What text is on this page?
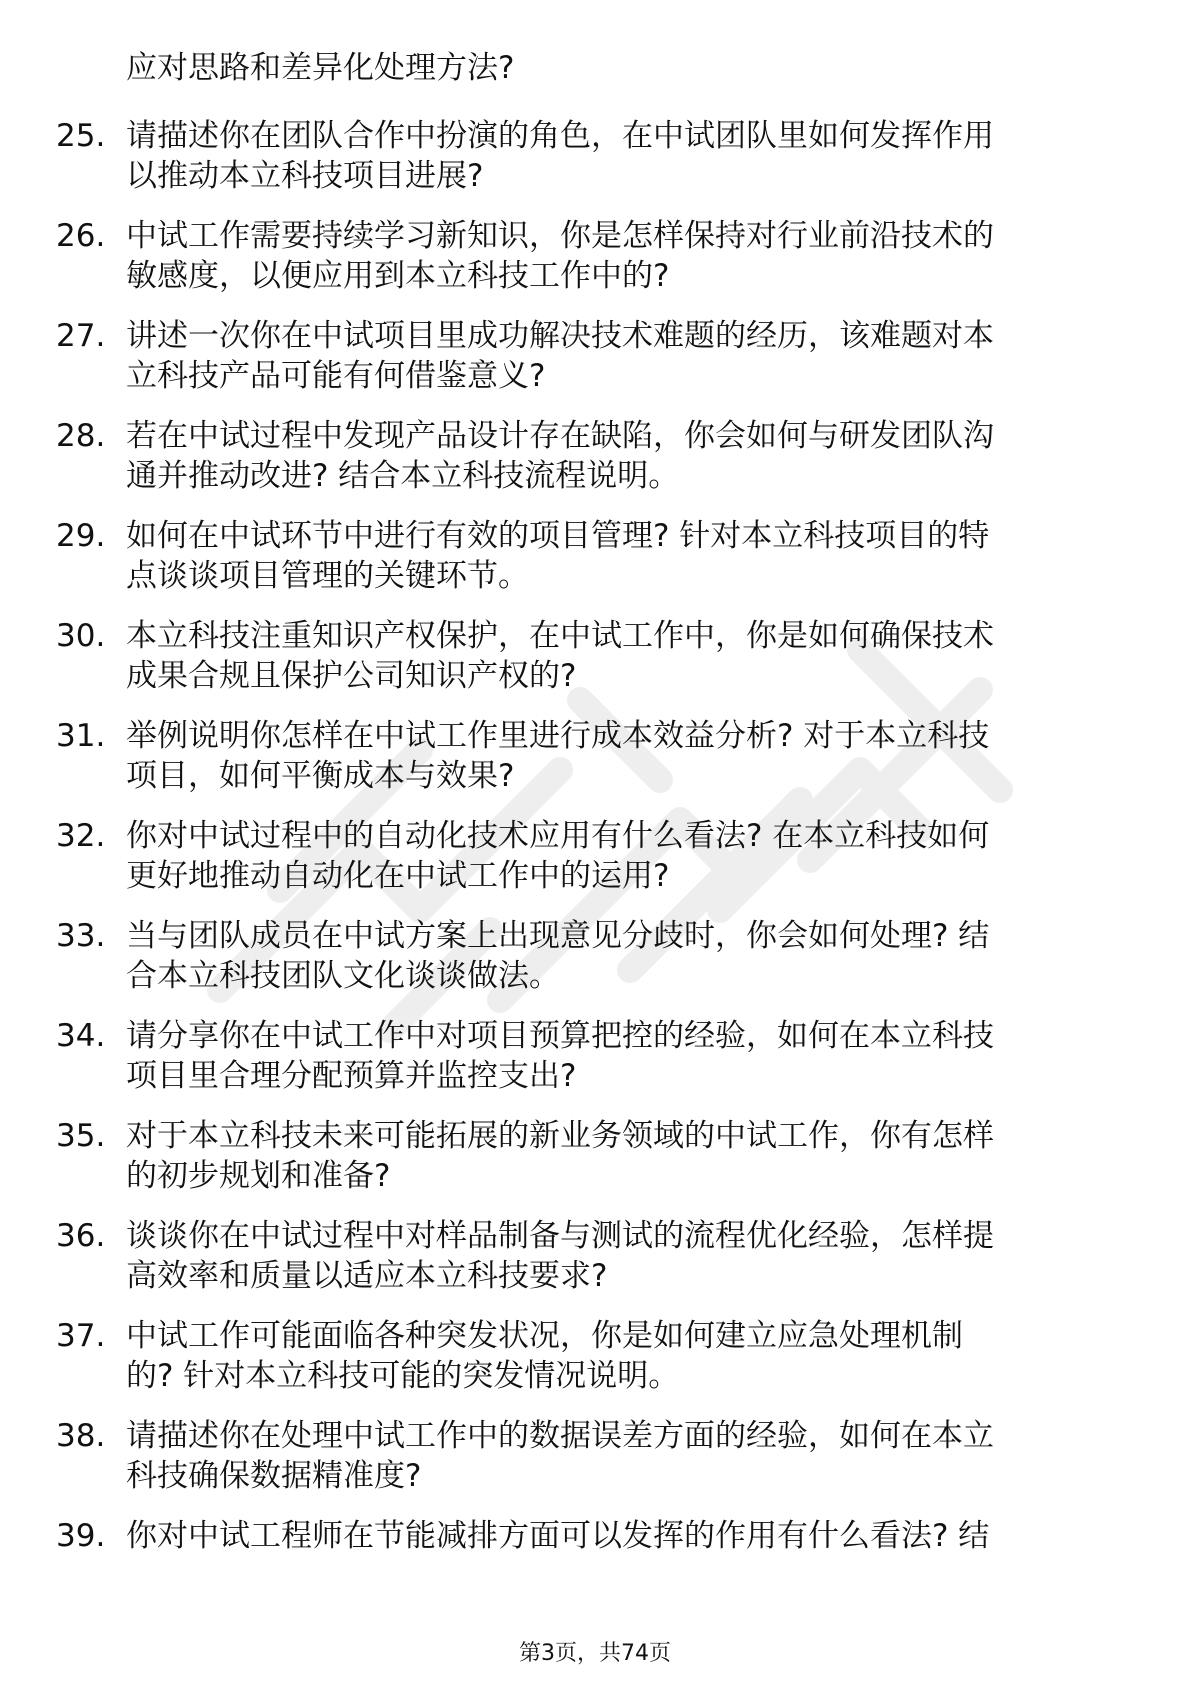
应对思路和差异化处理方法?
25. 请描述你在团队合作中扮演的角色，在中试团队里如何发挥作用
以推动本立科技项目进展?
26. 中试工作需要持续学习新知识，你是怎样保持对行业前沿技术的
敏感度，以便应用到本立科技工作中的?
27. 讲述一次你在中试项目里成功解决技术难题的经历，该难题对本
立科技产品可能有何借鉴意义?
28. 若在中试过程中发现产品设计存在缺陷，你会如何与研发团队沟
通并推动改进? 结合本立科技流程说明。
29. 如何在中试环节中进行有效的项目管理? 针对本立科技项目的特
点谈谈项目管理的关键环节。
30. 本立科技注重知识产权保护，在中试工作中，你是如何确保技术
成果合规且保护公司知识产权的?
31. 举例说明你怎样在中试工作里进行成本效益分析? 对于本立科技
项目，如何平衡成本与效果?
32. 你对中试过程中的自动化技术应用有什么看法? 在本立科技如何
更好地推动自动化在中试工作中的运用?
33. 当与团队成员在中试方案上出现意见分歧时，你会如何处理? 结
合本立科技团队文化谈谈做法。
34. 请分享你在中试工作中对项目预算把控的经验，如何在本立科技
项目里合理分配预算并监控支出?
35. 对于本立科技未来可能拓展的新业务领域的中试工作，你有怎样
的初步规划和准备?
36. 谈谈你在中试过程中对样品制备与测试的流程优化经验，怎样提
高效率和质量以适应本立科技要求?
37. 中试工作可能面临各种突发状况，你是如何建立应急处理机制
的? 针对本立科技可能的突发情况说明。
38. 请描述你在处理中试工作中的数据误差方面的经验，如何在本立
科技确保数据精准度?
39. 你对中试工程师在节能减排方面可以发挥的作用有什么看法? 结
第3页，共74页
